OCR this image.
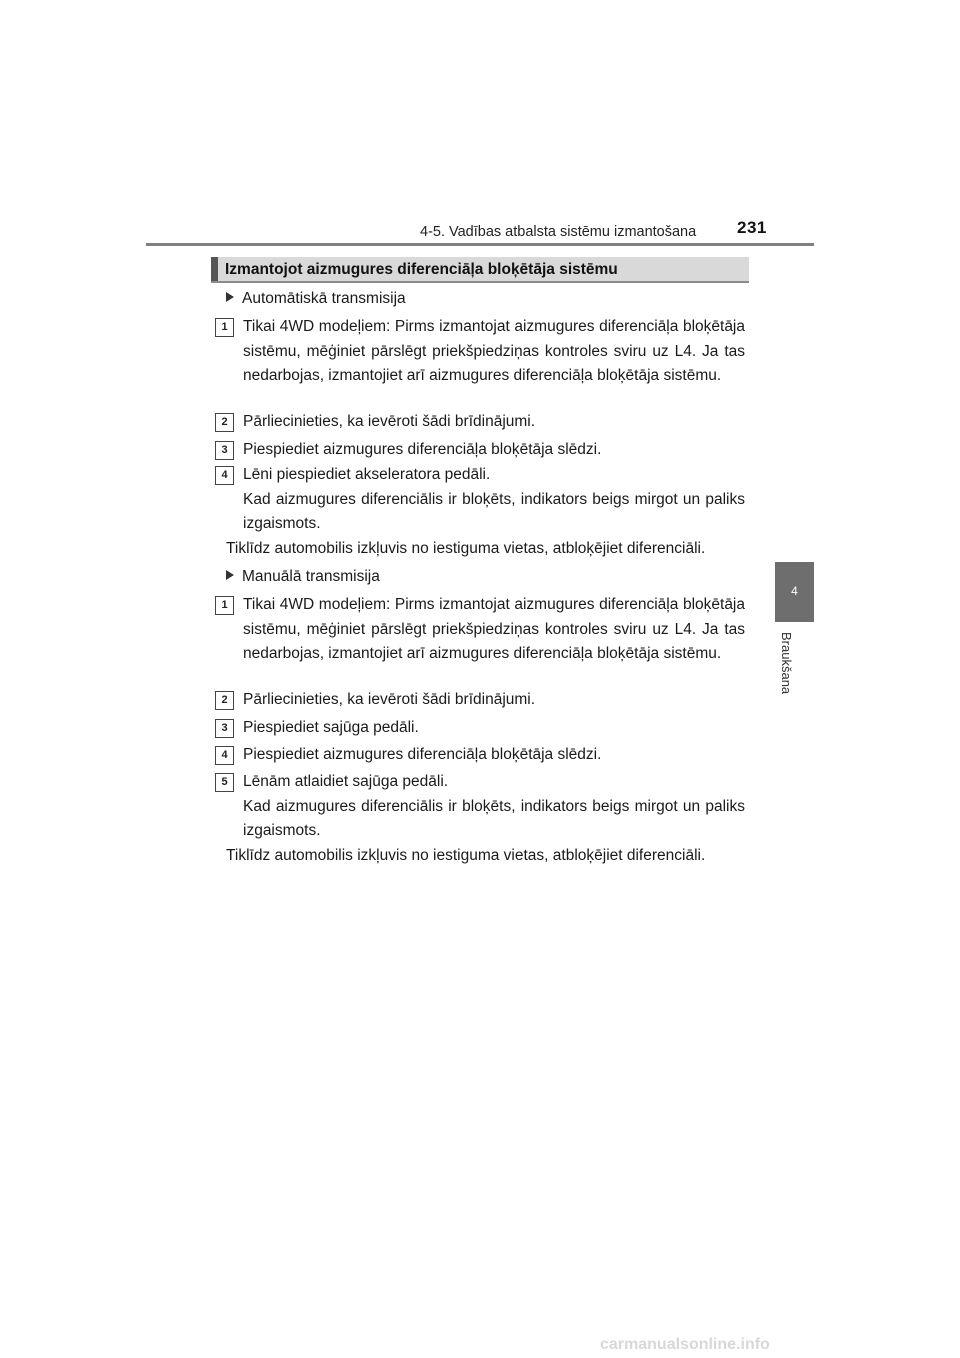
4-5. Vadības atbalsta sistēmu izmantošana 231
4
Braukšana
Izmantojot aizmugures diferenciāļa bloķētāja sistēmu
Automātiskā transmisija
1 Tikai 4WD modeļiem: Pirms izmantojat aizmugures diferenciāļa bloķētāja sistēmu, mēģiniet pārslēgt priekšpiedziņas kontroles sviru uz L4. Ja tas nedarbojas, izmantojiet arī aizmugures diferenciāļa bloķētāja sistēmu.

2 Pārliecinieties, ka ievēroti šādi brīdinājumi.

3 Piespiediet aizmugures diferenciāļa bloķētāja slēdzi.

4 Lēni piespiediet akseleratora pedāli.

Kad aizmugures diferenciālis ir bloķēts, indikators beigs mirgot un paliks izgaismots.

Tiklīdz automobilis izkļuvis no iestiguma vietas, atbloķējiet diferenciāli.
Manuālā transmisija
1 Tikai 4WD modeļiem: Pirms izmantojat aizmugures diferenciāļa bloķētāja sistēmu, mēģiniet pārslēgt priekšpiedziņas kontroles sviru uz L4. Ja tas nedarbojas, izmantojiet arī aizmugures diferenciāļa bloķētāja sistēmu.

2 Pārliecinieties, ka ievēroti šādi brīdinājumi.

3 Piespiediet sajūga pedāli.

4 Piespiediet aizmugures diferenciāļa bloķētāja slēdzi.

5 Lēnām atlaidiet sajūga pedāli.

Kad aizmugures diferenciālis ir bloķēts, indikators beigs mirgot un paliks izgaismots.

Tiklīdz automobilis izkļuvis no iestiguma vietas, atbloķējiet diferenciāli.
carmanualsonline.info
